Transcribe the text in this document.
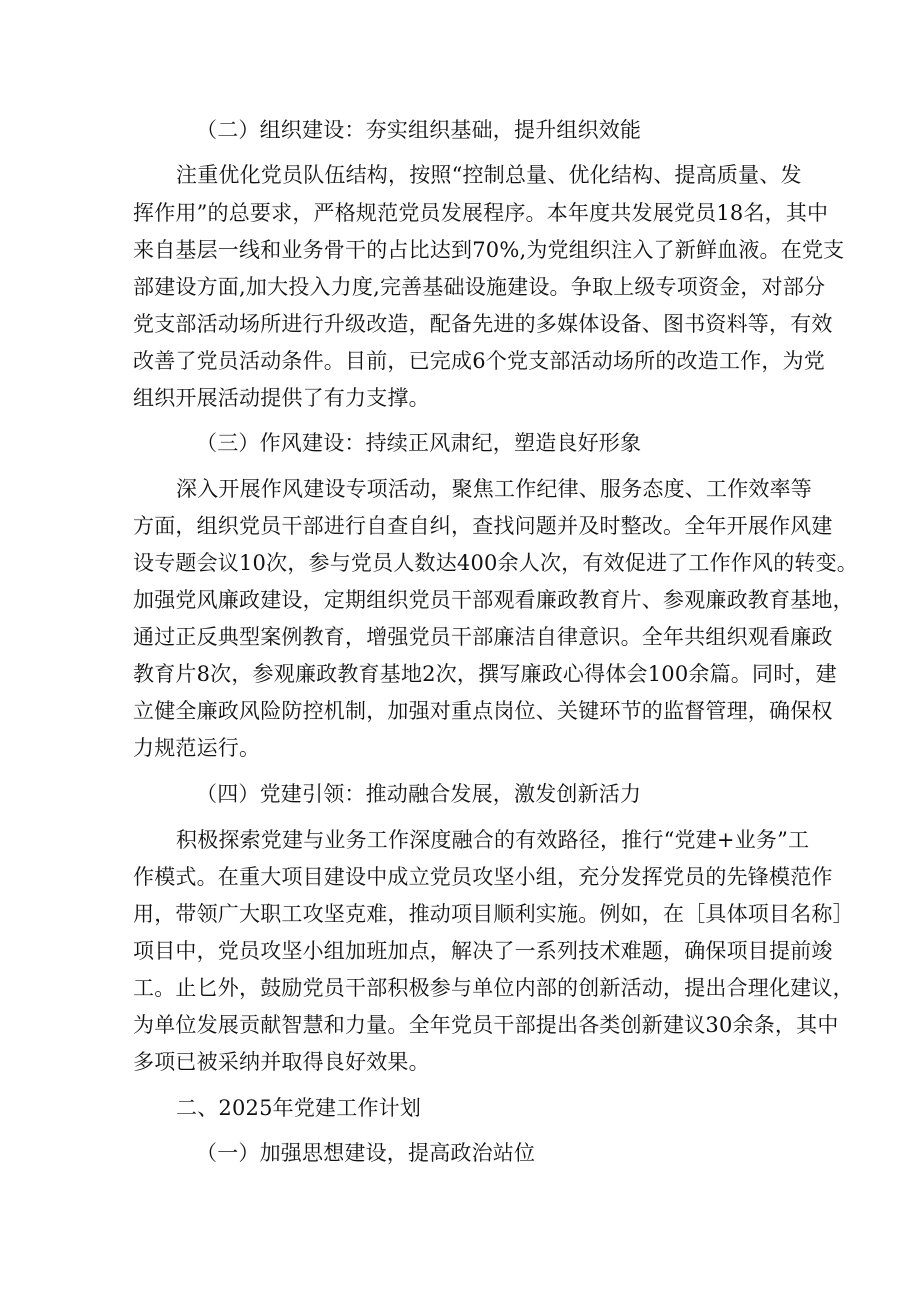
（二）组织建设：夯实组织基础，提升组织效能
注重优化党员队伍结构，按照“控制总量、优化结构、提高质量、发
挥作用”的总要求，严格规范党员发展程序。本年度共发展党员18名，其中
来自基层一线和业务骨干的占比达到70%,为党组织注入了新鲜血液。在党支
部建设方面,加大投入力度,完善基础设施建设。争取上级专项资金，对部分
党支部活动场所进行升级改造，配备先进的多媒体设备、图书资料等，有效
改善了党员活动条件。目前，已完成6个党支部活动场所的改造工作，为党
组织开展活动提供了有力支撑。
（三）作风建设：持续正风肃纪，塑造良好形象
深入开展作风建设专项活动，聚焦工作纪律、服务态度、工作效率等
方面，组织党员干部进行自查自纠，查找问题并及时整改。全年开展作风建
设专题会议10次，参与党员人数达400余人次，有效促进了工作作风的转变。
加强党风廉政建设，定期组织党员干部观看廉政教育片、参观廉政教育基地，
通过正反典型案例教育，增强党员干部廉洁自律意识。全年共组织观看廉政
教育片8次，参观廉政教育基地2次，撰写廉政心得体会100余篇。同时，建
立健全廉政风险防控机制，加强对重点岗位、关键环节的监督管理，确保权
力规范运行。
（四）党建引领：推动融合发展，激发创新活力
积极探索党建与业务工作深度融合的有效路径，推行“党建+业务”工
作模式。在重大项目建设中成立党员攻坚小组，充分发挥党员的先锋模范作
用，带领广大职工攻坚克难，推动项目顺利实施。例如，在［具体项目名称］
项目中，党员攻坚小组加班加点，解决了一系列技术难题，确保项目提前竣
工。止匕外，鼓励党员干部积极参与单位内部的创新活动，提出合理化建议，
为单位发展贡献智慧和力量。全年党员干部提出各类创新建议30余条，其中
多项已被采纳并取得良好效果。
二、2025年党建工作计划
（一）加强思想建设，提高政治站位
